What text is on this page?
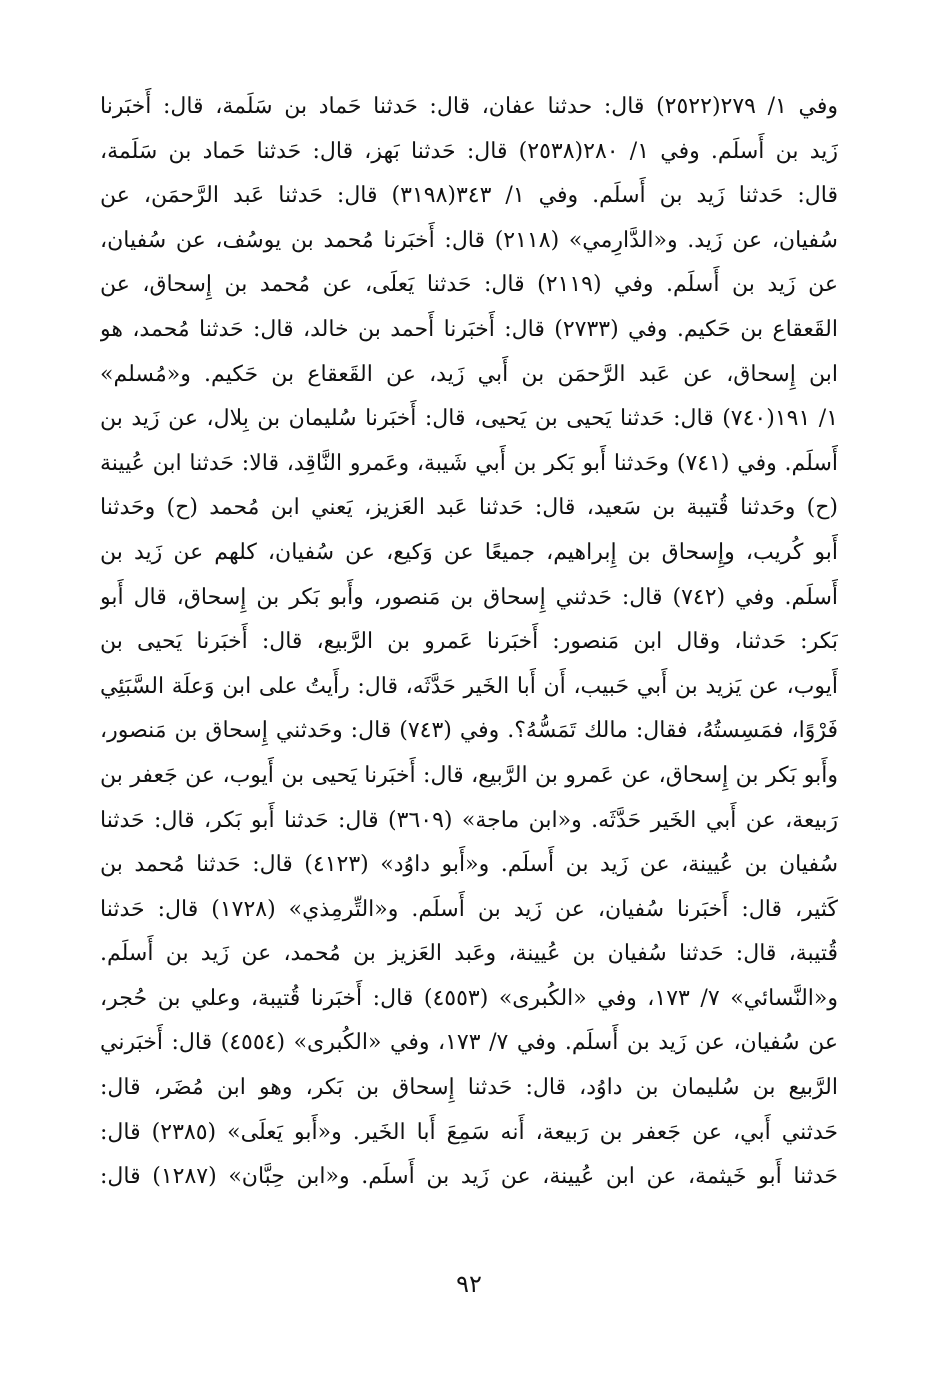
وفي ١/ ٢٧٩(٢٥٢٢) قال: حدثنا عفان، قال: حَدثنا حَماد بن سَلَمة، قال: أَخبَرنا
زَيد بن أَسلَم. وفي ١/ ٢٨٠(٢٥٣٨) قال: حَدثنا بَهز، قال: حَدثنا حَماد بن سَلَمة،
قال: حَدثنا زَيد بن أَسلَم. وفي ١/ ٣٤٣(٣١٩٨) قال: حَدثنا عَبد الرَّحمَن، عن
سُفيان، عن زَيد. و«الدَّارِمي» (٢١١٨) قال: أَخبَرنا مُحمد بن يوسُف، عن سُفيان،
عن زَيد بن أَسلَم. وفي (٢١١٩) قال: حَدثنا يَعلَى، عن مُحمد بن إِسحاق، عن
القَعقاع بن حَكيم. وفي (٢٧٣٣) قال: أَخبَرنا أَحمد بن خالد، قال: حَدثنا مُحمد، هو
ابن إِسحاق، عن عَبد الرَّحمَن بن أَبي زَيد، عن القَعقاع بن حَكيم. و«مُسلم»
١/ ١٩١(٧٤٠) قال: حَدثنا يَحيى بن يَحيى، قال: أَخبَرنا سُليمان بن بِلال، عن زَيد بن
أَسلَم. وفي (٧٤١) وحَدثنا أَبو بَكر بن أَبي شَيبة، وعَمرو النَّاقِد، قالا: حَدثنا ابن عُيينة
(ح) وحَدثنا قُتيبة بن سَعيد، قال: حَدثنا عَبد العَزيز، يَعني ابن مُحمد (ح) وحَدثنا
أَبو كُريب، وإِسحاق بن إِبراهيم، جميعًا عن وَكيع، عن سُفيان، كلهم عن زَيد بن
أَسلَم. وفي (٧٤٢) قال: حَدثني إِسحاق بن مَنصور، وأَبو بَكر بن إِسحاق، قال أَبو
بَكر: حَدثنا، وقال ابن مَنصور: أَخبَرنا عَمرو بن الرَّبيع، قال: أَخبَرنا يَحيى بن
أَيوب، عن يَزيد بن أَبي حَبيب، أَن أَبا الخَير حَدَّثَه، قال: رأَيتُ على ابن وَعلَة السَّبَئِي
فَرْوًا، فمَسِستُهُ، فقال: مالك تَمَسُّهُ؟. وفي (٧٤٣) قال: وحَدثني إِسحاق بن مَنصور،
وأَبو بَكر بن إِسحاق، عن عَمرو بن الرَّبيع، قال: أَخبَرنا يَحيى بن أَيوب، عن جَعفر بن
رَبيعة، عن أَبي الخَير حَدَّثَه. و«ابن ماجة» (٣٦٠٩) قال: حَدثنا أَبو بَكر، قال: حَدثنا
سُفيان بن عُيينة، عن زَيد بن أَسلَم. و«أَبو داوُد» (٤١٢٣) قال: حَدثنا مُحمد بن
كَثير، قال: أَخبَرنا سُفيان، عن زَيد بن أَسلَم. و«التِّرمِذي» (١٧٢٨) قال: حَدثنا
قُتيبة، قال: حَدثنا سُفيان بن عُيينة، وعَبد العَزيز بن مُحمد، عن زَيد بن أَسلَم.
و«النَّسائي» ٧/ ١٧٣، وفي «الكُبرى» (٤٥٥٣) قال: أَخبَرنا قُتيبة، وعلي بن حُجر،
عن سُفيان، عن زَيد بن أَسلَم. وفي ٧/ ١٧٣، وفي «الكُبرى» (٤٥٥٤) قال: أَخبَرني
الرَّبيع بن سُليمان بن داوُد، قال: حَدثنا إِسحاق بن بَكر، وهو ابن مُضَر، قال:
حَدثني أَبي، عن جَعفر بن رَبيعة، أَنه سَمِعَ أَبا الخَير. و«أَبو يَعلَى» (٢٣٨٥) قال:
حَدثنا أَبو خَيثمة، عن ابن عُيينة، عن زَيد بن أَسلَم. و«ابن حِبَّان» (١٢٨٧) قال:
٩٢
